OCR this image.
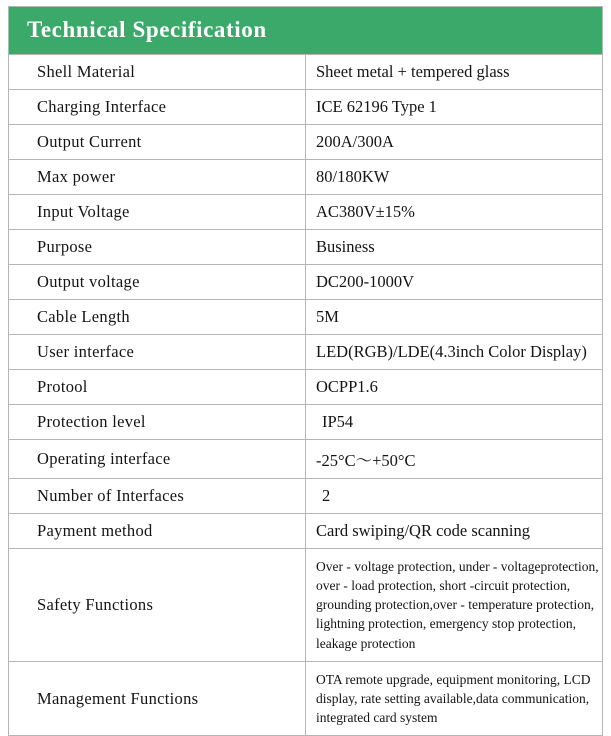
Technical Specification	
Shell Material	Sheet metal + tempered glass
Charging Interface	ICE 62196 Type 1
Output Current	200A/300A
Max power	80/180KW
Input Voltage	AC380V±15%
Purpose	Business
Output voltage	DC200-1000V
Cable Length	5M
User interface	LED(RGB)/LDE(4.3inch Color Display)
Protool	OCPP1.6
Protection level	IP54
Operating interface	-25°C～+50°C
Number of Interfaces	2
Payment method	Card swiping/QR code scanning
Safety Functions	Over - voltage protection, under - voltageprotection,
over - load protection, short -circuit protection,
grounding protection,over - temperature protection,
lightning protection, emergency stop protection,
leakage protection

Management Functions	OTA remote upgrade, equipment monitoring, LCD
display, rate setting available,data communication,
integrated card system
